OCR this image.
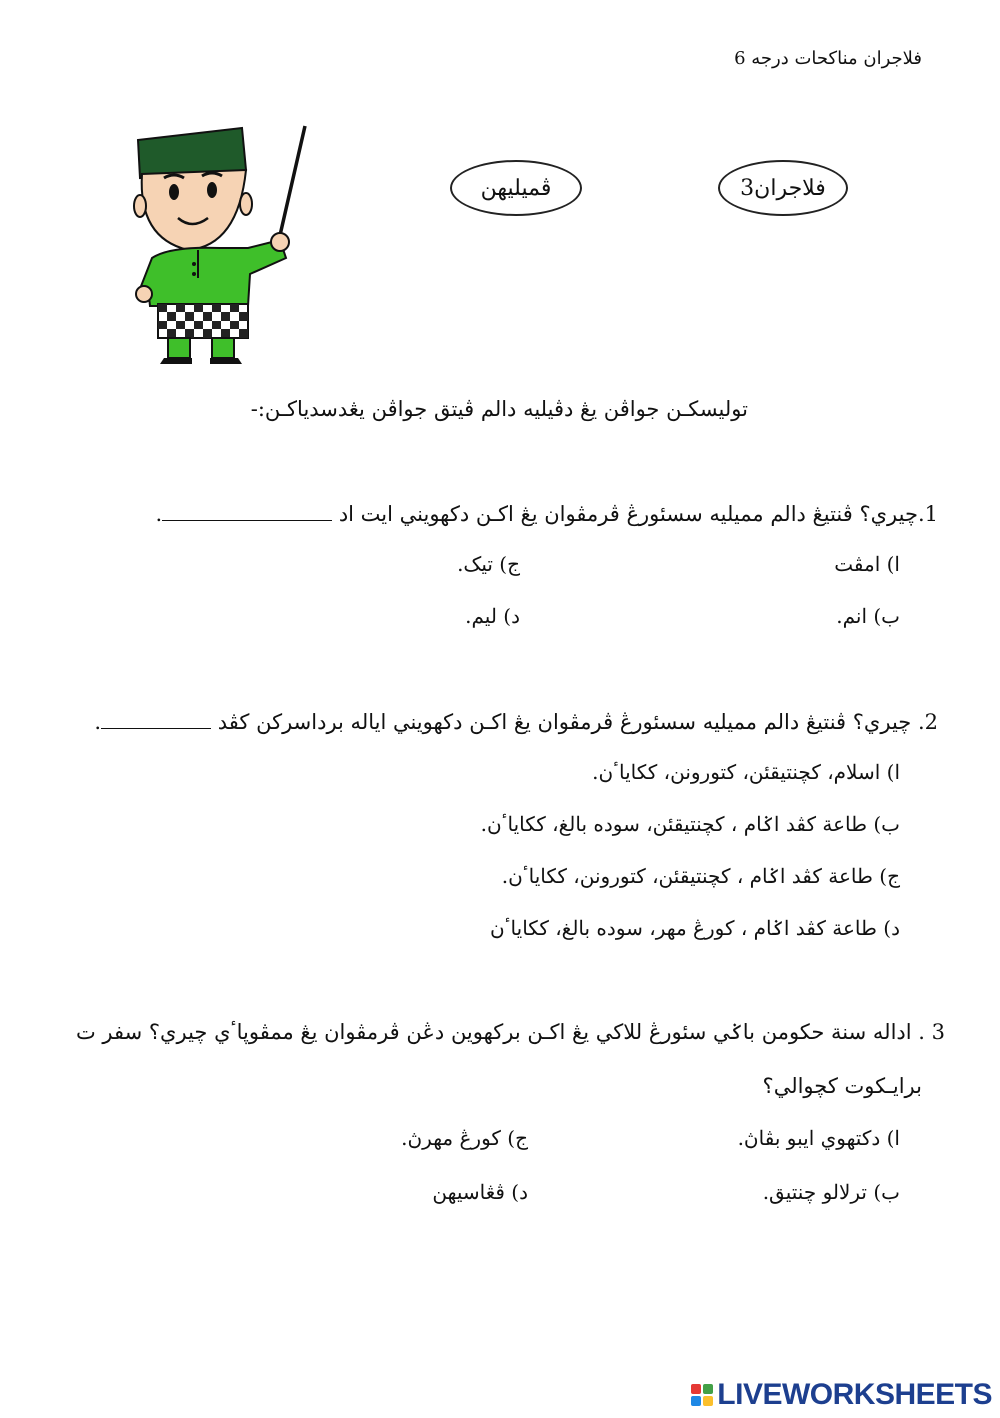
فلاجران مناكحات درجه 6
فلاجران3
ڤميليهن
توليسکـن جواڤن يڠ دڤيليه دالم ڤيتق جواڤن يڠدسدياكـن:-
1.چيري؟ ڤنتيڠ دالم مميليه سسئورڠ ڤرمڤوان يڠ اکـن دكهويني ايت اد .
ا) امڤت
ج) تيک.
ب) انم.
د) ليم.
2. چيري؟ ڤنتيڠ دالم مميليه سسئورڠ ڤرمڤوان يڠ اکـن دكهويني اياله برداسرکن کڤد .
ا) اسلام، کچنتيقئن، کتورونن، ککاياٴن.
ب) طاعة کڤد اݢام ، کچنتيقئن، سوده بالغ، ککاياٴن.
ج) طاعة کڤد اݢام ، کچنتيقئن، کتورونن، ککاياٴن.
د) طاعة کڤد اݢام ، کورڠ مهر، سوده بالغ، ککاياٴن
3 . اداله سنة حکومن باݢي سئورڠ للاکي يڠ اکـن برکهوين دڠن ڤرمڤوان يڠ ممڤوڽاٴي چيري؟ سفر ت
برايـکوت کچوالي؟
ا) دکتهوي ايبو بڤاڽ.
ج) کورڠ مهرڽ.
ب) ترلالو چنتيق.
د) ڤڠاسيهن
LIVEWORKSHEETS
